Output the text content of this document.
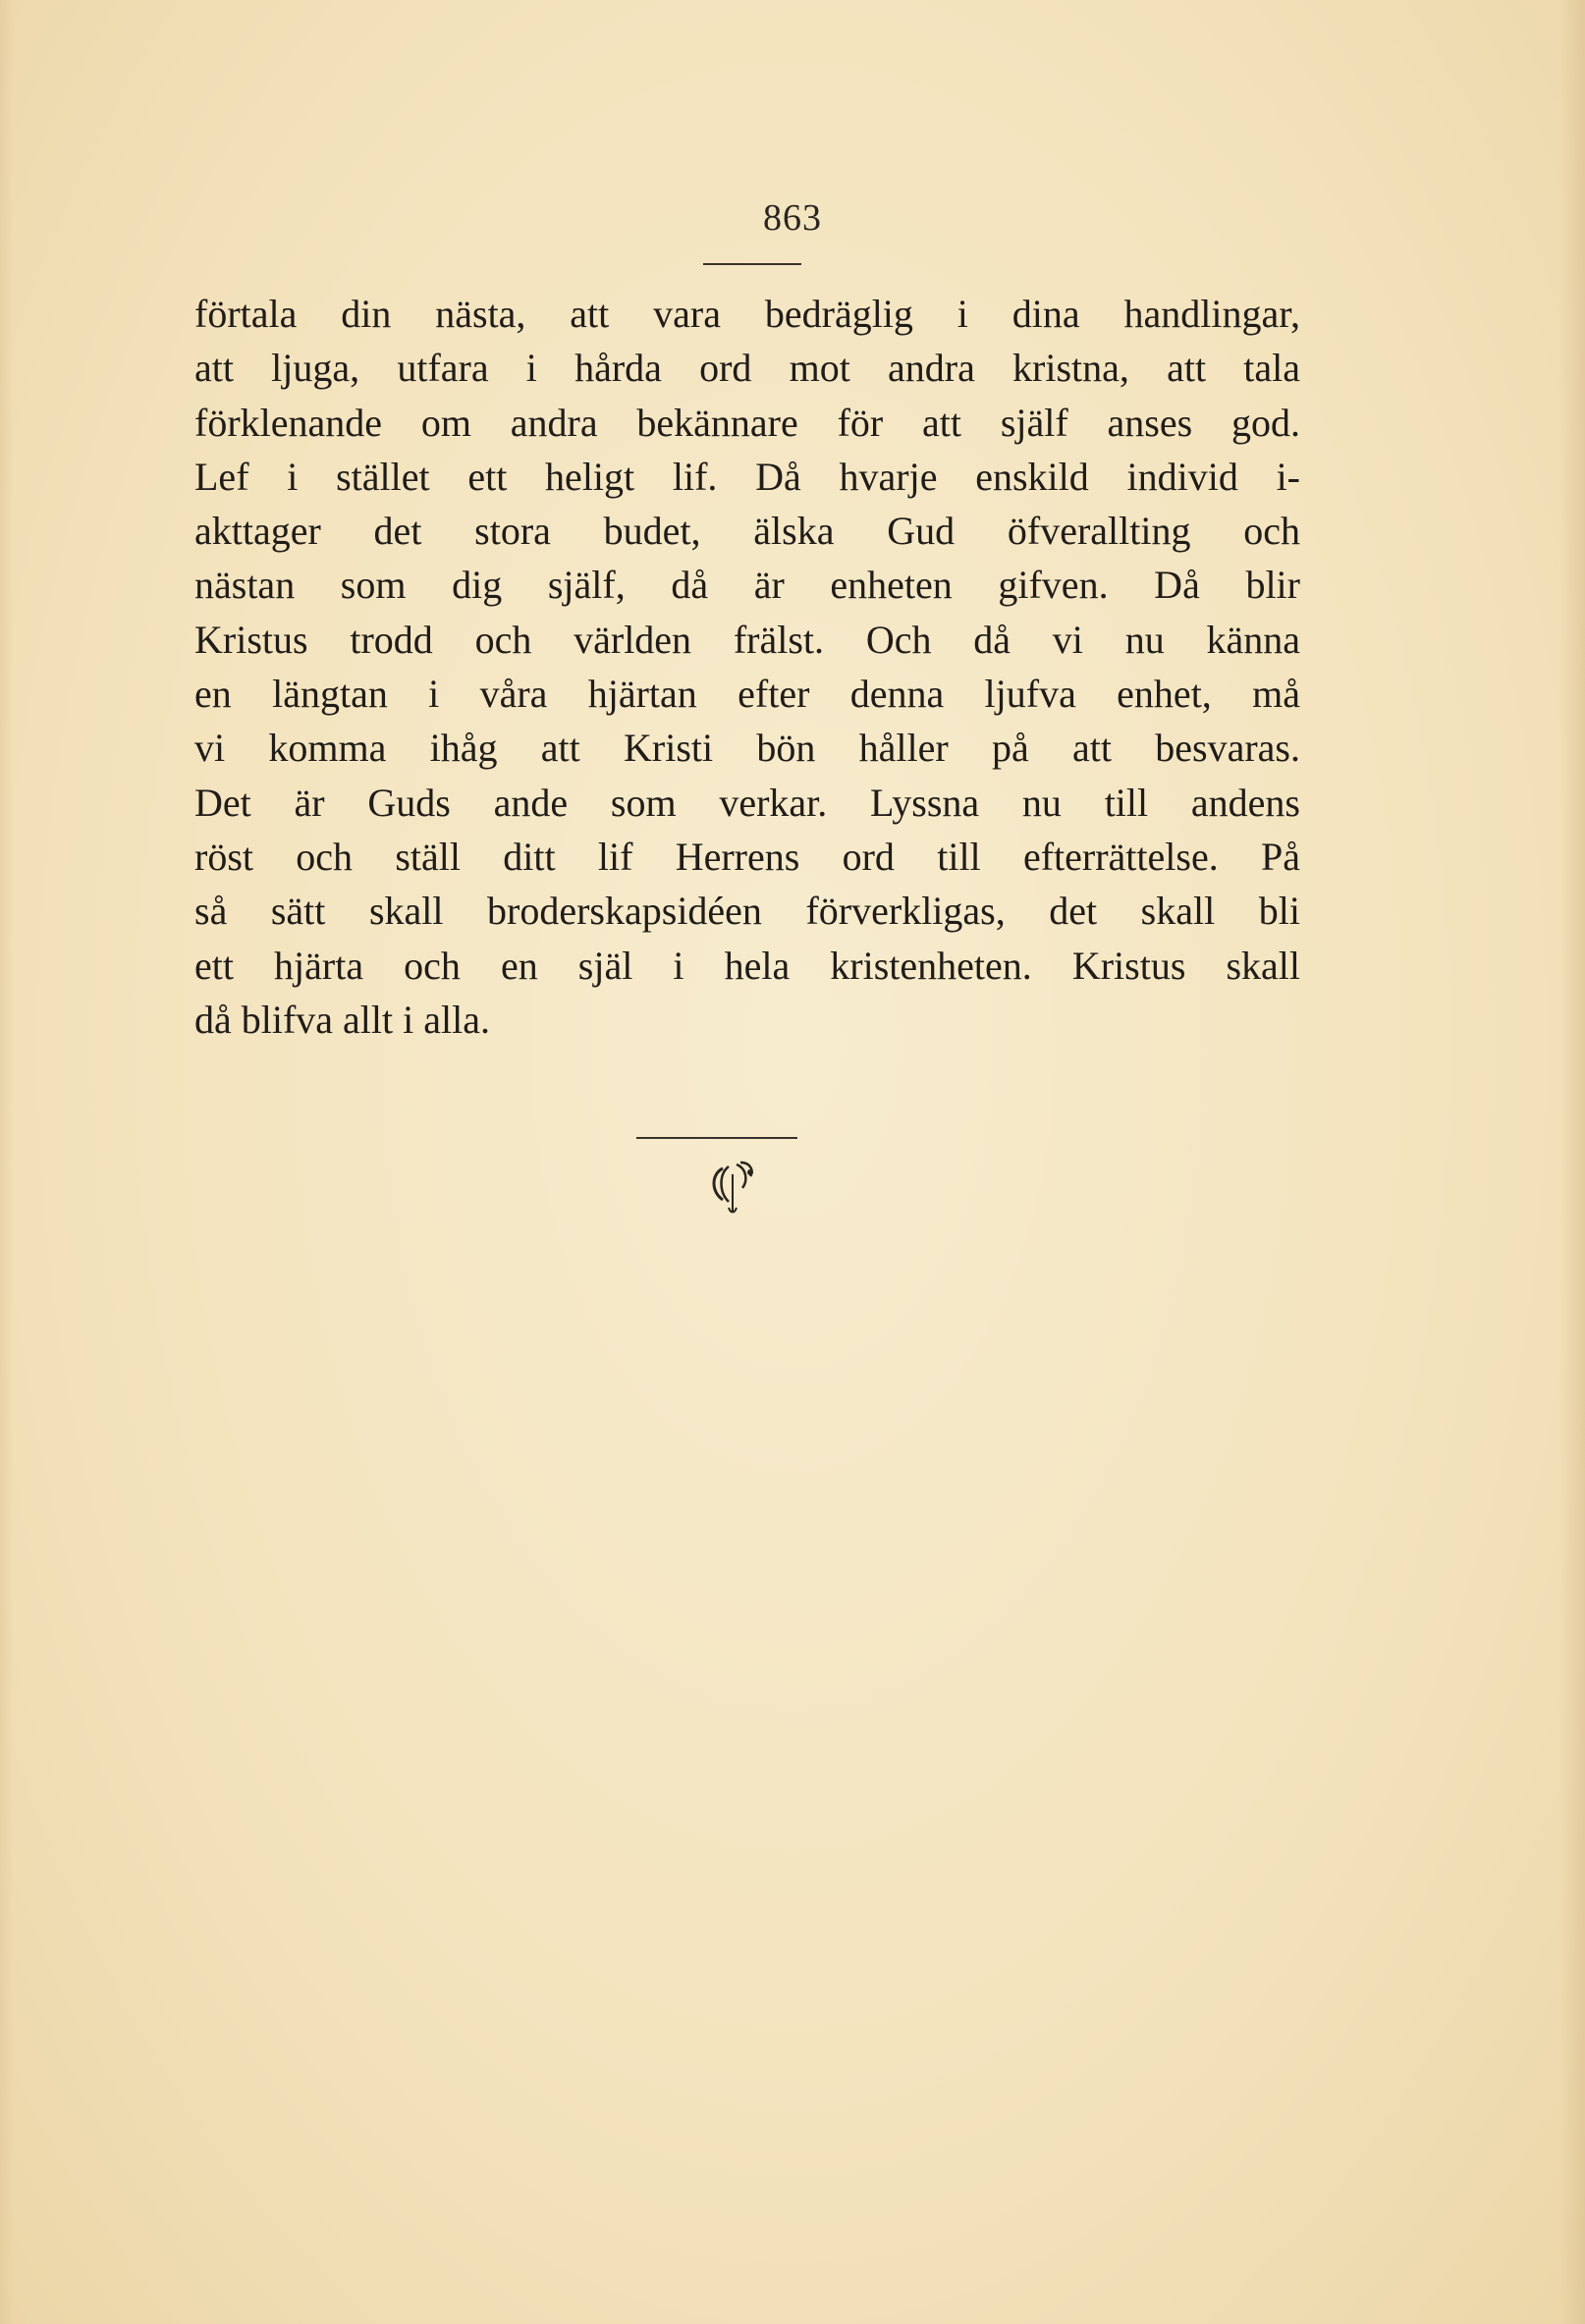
863
förtala din nästa, att vara bedräglig i dina handlingar,
att ljuga, utfara i hårda ord mot andra kristna, att tala
förklenande om andra bekännare för att själf anses god.
Lef i stället ett heligt lif. Då hvarje enskild individ i-
akttager det stora budet, älska Gud öfverallting och
nästan som dig själf, då är enheten gifven. Då blir
Kristus trodd och världen frälst. Och då vi nu känna
en längtan i våra hjärtan efter denna ljufva enhet, må
vi komma ihåg att Kristi bön håller på att besvaras.
Det är Guds ande som verkar. Lyssna nu till andens
röst och ställ ditt lif Herrens ord till efterrättelse. På
så sätt skall broderskapsidéen förverkligas, det skall bli
ett hjärta och en själ i hela kristenheten. Kristus skall
då blifva allt i alla.
